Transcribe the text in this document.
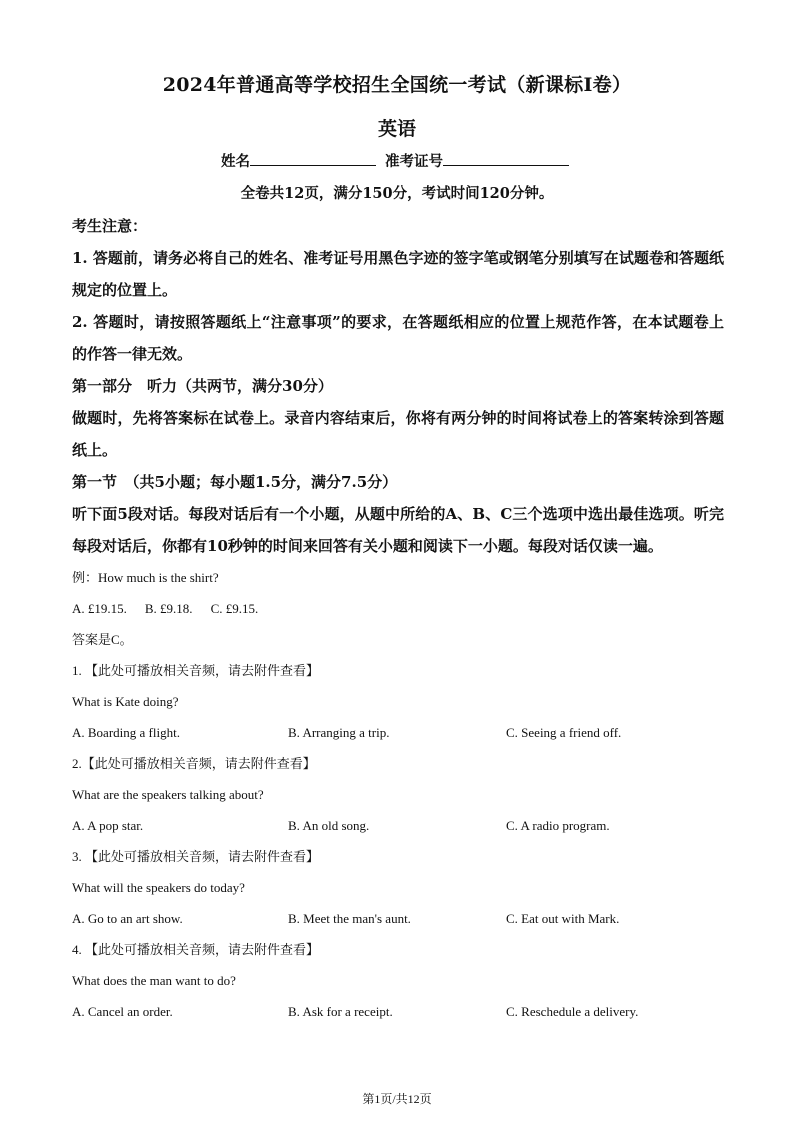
2024年普通高等学校招生全国统一考试（新课标Ⅰ卷）
英语
姓名	准考证号
全卷共12页，满分150分，考试时间120分钟。

考生注意：

1. 答题前，请务必将自己的姓名、准考证号用黑色字迹的签字笔或钢笔分别填写在试题卷和答题纸规定的位置上。

2. 答题时，请按照答题纸上“注意事项”的要求，在答题纸相应的位置上规范作答，在本试题卷上的作答一律无效。

第一部分　听力（共两节，满分30分）

做题时，先将答案标在试卷上。录音内容结束后，你将有两分钟的时间将试卷上的答案转涂到答题纸上。

第一节　（共5小题；每小题1.5分，满分7.5分）

听下面5段对话。每段对话后有一个小题，从题中所给的A、B、C三个选项中选出最佳选项。听完每段对话后，你都有10秒钟的时间来回答有关小题和阅读下一小题。每段对话仅读一遍。

例：How much is the shirt?

A. £19.15. B. £9.18. C. £9.15.

答案是C。

1. 【此处可播放相关音频，请去附件查看】

What is Kate doing?

A. Boarding a flight.	B. Arranging a trip.	C. Seeing a friend off.

2.【此处可播放相关音频，请去附件查看】

What are the speakers talking about?

A. A pop star.	B. An old song.	C. A radio program.

3. 【此处可播放相关音频，请去附件查看】

What will the speakers do today?

A. Go to an art show.	B. Meet the man's aunt.	C. Eat out with Mark.

4. 【此处可播放相关音频，请去附件查看】

What does the man want to do?

A. Cancel an order.	B. Ask for a receipt.	C. Reschedule a delivery.
第1页/共12页
